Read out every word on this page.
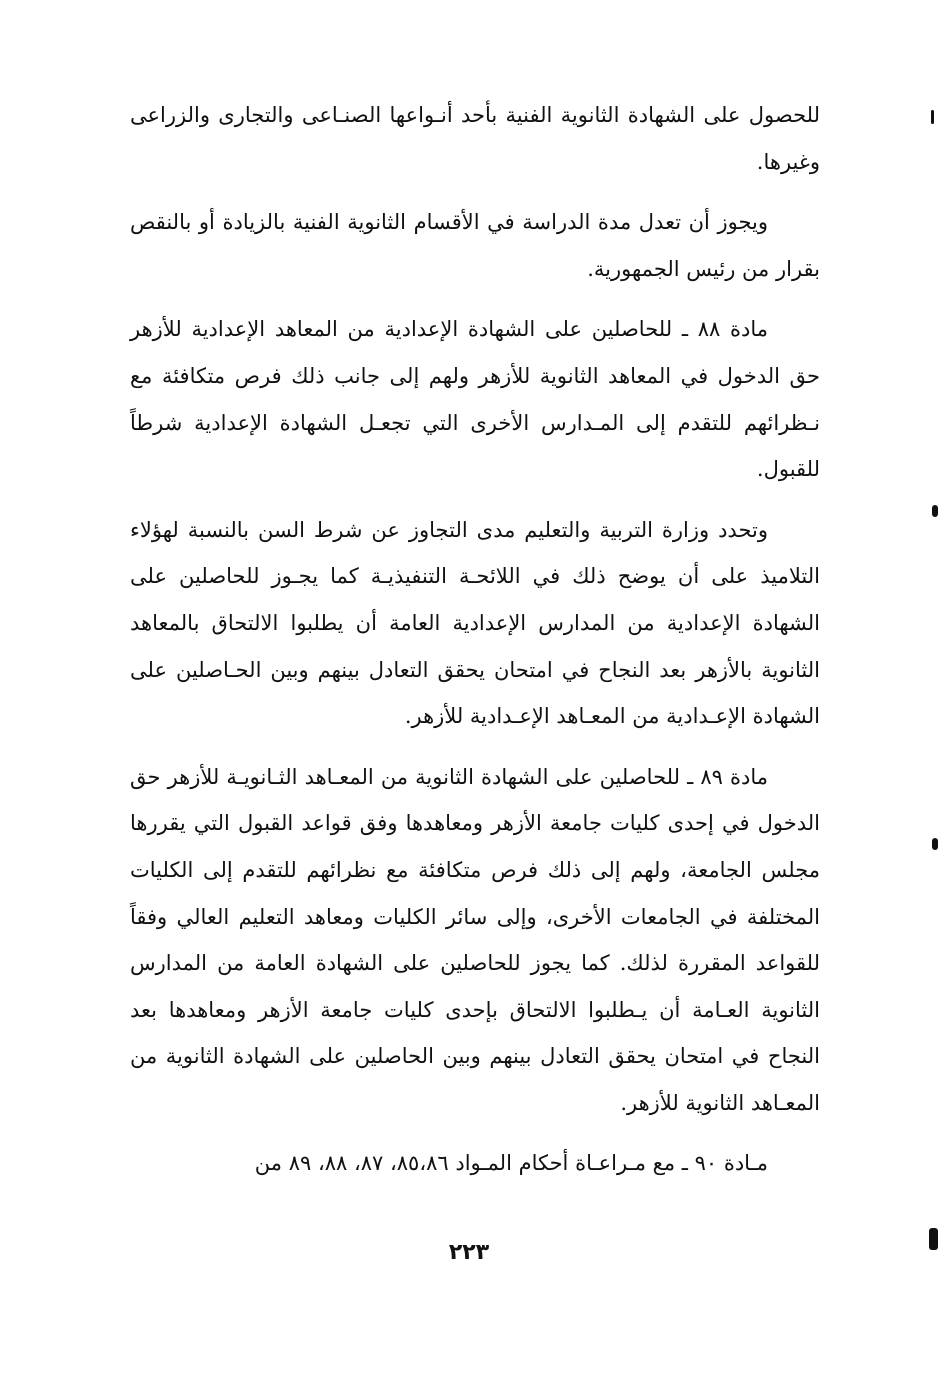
للحصول على الشهادة الثانوية الفنية بأحد أنـواعها الصنـاعى والتجارى والزراعى وغيرها.

ويجوز أن تعدل مدة الدراسة في الأقسام الثانوية الفنية بالزيادة أو بالنقص بقرار من رئيس الجمهورية.

مادة ٨٨ ـ للحاصلين على الشهادة الإعدادية من المعاهد الإعدادية للأزهر حق الدخول في المعاهد الثانوية للأزهر ولهم إلى جانب ذلك فرص متكافئة مع نـظرائهم للتقدم إلى المـدارس الأخرى التي تجعـل الشهادة الإعدادية شرطاً للقبول.

وتحدد وزارة التربية والتعليم مدى التجاوز عن شرط السن بالنسبة لهؤلاء التلاميذ على أن يوضح ذلك في اللائحـة التنفيذيـة كما يجـوز للحاصلين على الشهادة الإعدادية من المدارس الإعدادية العامة أن يطلبوا الالتحاق بالمعاهد الثانوية بالأزهر بعد النجاح في امتحان يحقق التعادل بينهم وبين الحـاصلين على الشهادة الإعـدادية من المعـاهد الإعـدادية للأزهر.

مادة ٨٩ ـ للحاصلين على الشهادة الثانوية من المعـاهد الثـانويـة للأزهر حق الدخول في إحدى كليات جامعة الأزهر ومعاهدها وفق قواعد القبول التي يقررها مجلس الجامعة، ولهم إلى ذلك فرص متكافئة مع نظرائهم للتقدم إلى الكليات المختلفة في الجامعات الأخرى، وإلى سائر الكليات ومعاهد التعليم العالي وفقاً للقواعد المقررة لذلك. كما يجوز للحاصلين على الشهادة العامة من المدارس الثانوية العـامة أن يـطلبوا الالتحاق بإحدى كليات جامعة الأزهر ومعاهدها بعد النجاح في امتحان يحقق التعادل بينهم وبين الحاصلين على الشهادة الثانوية من المعـاهد الثانوية للأزهر.

مـادة ٩٠ ـ مع مـراعـاة أحكام المـواد ٨٥،٨٦، ٨٧، ٨٨، ٨٩ من

٢٢٣
